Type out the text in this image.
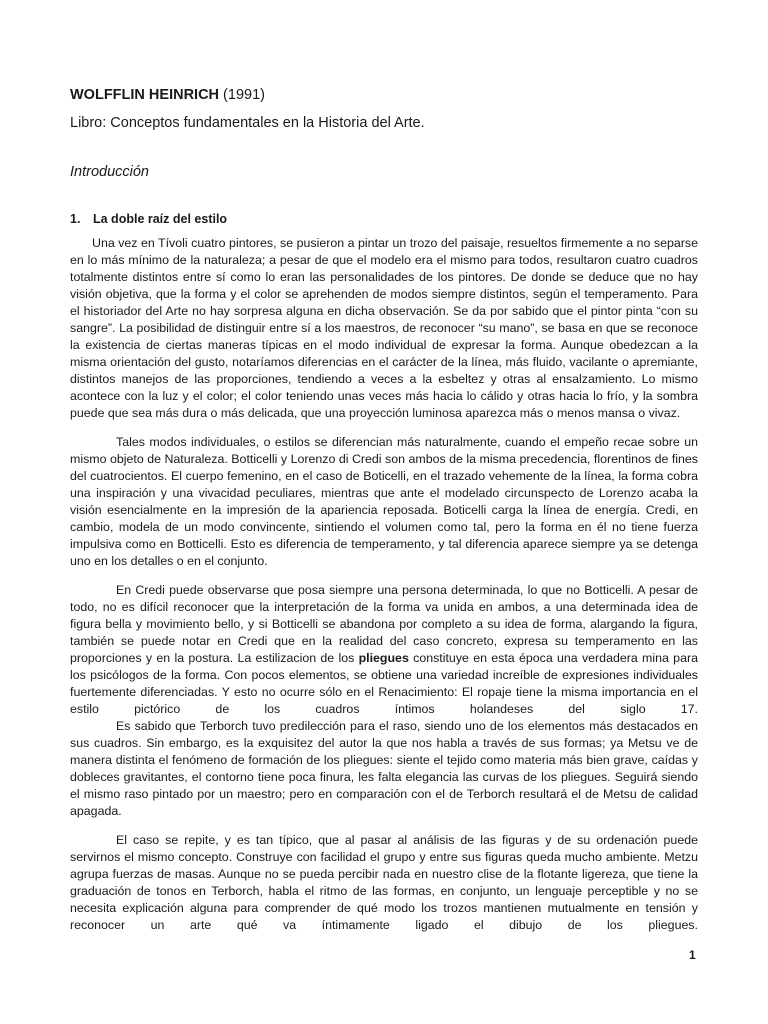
WOLFFLIN HEINRICH (1991)

Libro: Conceptos fundamentales en la Historia del Arte.

Introducción

1. La doble raíz del estilo

Una vez en Tívoli cuatro pintores, se pusieron a pintar un trozo del paisaje, resueltos firmemente a no separse en lo más mínimo de la naturaleza; a pesar de que el modelo era el mismo para todos, resultaron cuatro cuadros totalmente distintos entre sí como lo eran las personalidades de los pintores. De donde se deduce que no hay visión objetiva, que la forma y el color se aprehenden de modos siempre distintos, según el temperamento. Para el historiador del Arte no hay sorpresa alguna en dicha observación. Se da por sabido que el pintor pinta “con su sangre”. La posibilidad de distinguir entre sí a los maestros, de reconocer “su mano”, se basa en que se reconoce la existencia de ciertas maneras típicas en el modo individual de expresar la forma. Aunque obedezcan a la misma orientación del gusto, notaríamos diferencias en el carácter de la línea, más fluido, vacilante o apremiante, distintos manejos de las proporciones, tendiendo a veces a la esbeltez y otras al ensalzamiento. Lo mismo acontece con la luz y el color; el color teniendo unas veces más hacia lo cálido y otras hacia lo frío, y la sombra puede que sea más dura o más delicada, que una proyección luminosa aparezca más o menos mansa o vivaz.

Tales modos individuales, o estilos se diferencian más naturalmente, cuando el empeño recae sobre un mismo objeto de Naturaleza. Botticelli y Lorenzo di Credi son ambos de la misma precedencia, florentinos de fines del cuatrocientos. El cuerpo femenino, en el caso de Boticelli, en el trazado vehemente de la línea, la forma cobra una inspiración y una vivacidad peculiares, mientras que ante el modelado circunspecto de Lorenzo acaba la visión esencialmente en la impresión de la apariencia reposada. Boticelli carga la línea de energía. Credi, en cambio, modela de un modo convincente, sintiendo el volumen como tal, pero la forma en él no tiene fuerza impulsiva como en Botticelli. Esto es diferencia de temperamento, y tal diferencia aparece siempre ya se detenga uno en los detalles o en el conjunto.

En Credi puede observarse que posa siempre una persona determinada, lo que no Botticelli. A pesar de todo, no es difícil reconocer que la interpretación de la forma va unida en ambos, a una determinada idea de figura bella y movimiento bello, y si Botticelli se abandona por completo a su idea de forma, alargando la figura, también se puede notar en Credi que en la realidad del caso concreto, expresa su temperamento en las proporciones y en la postura. La estilizacion de los pliegues constituye en esta época una verdadera mina para los psicólogos de la forma. Con pocos elementos, se obtiene una variedad increíble de expresiones individuales fuertemente diferenciadas. Y esto no ocurre sólo en el Renacimiento: El ropaje tiene la misma importancia en el estilo pictórico de los cuadros íntimos holandeses del siglo 17.

Es sabido que Terborch tuvo predilección para el raso, siendo uno de los elementos más destacados en sus cuadros. Sin embargo, es la exquisitez del autor la que nos habla a través de sus formas; ya Metsu ve de manera distinta el fenómeno de formación de los pliegues: siente el tejido como materia más bien grave, caídas y dobleces gravitantes, el contorno tiene poca finura, les falta elegancia las curvas de los pliegues. Seguirá siendo el mismo raso pintado por un maestro; pero en comparación con el de Terborch resultará el de Metsu de calidad apagada.

El caso se repite, y es tan típico, que al pasar al análisis de las figuras y de su ordenación puede servirnos el mismo concepto. Construye con facilidad el grupo y entre sus figuras queda mucho ambiente. Metzu agrupa fuerzas de masas. Aunque no se pueda percibir nada en nuestro clise de la flotante ligereza, que tiene la graduación de tonos en Terborch, habla el ritmo de las formas, en conjunto, un lenguaje perceptible y no se necesita explicación alguna para comprender de qué modo los trozos mantienen mutualmente en tensión y reconocer un arte qué va íntimamente ligado el dibujo de los pliegues.

1
